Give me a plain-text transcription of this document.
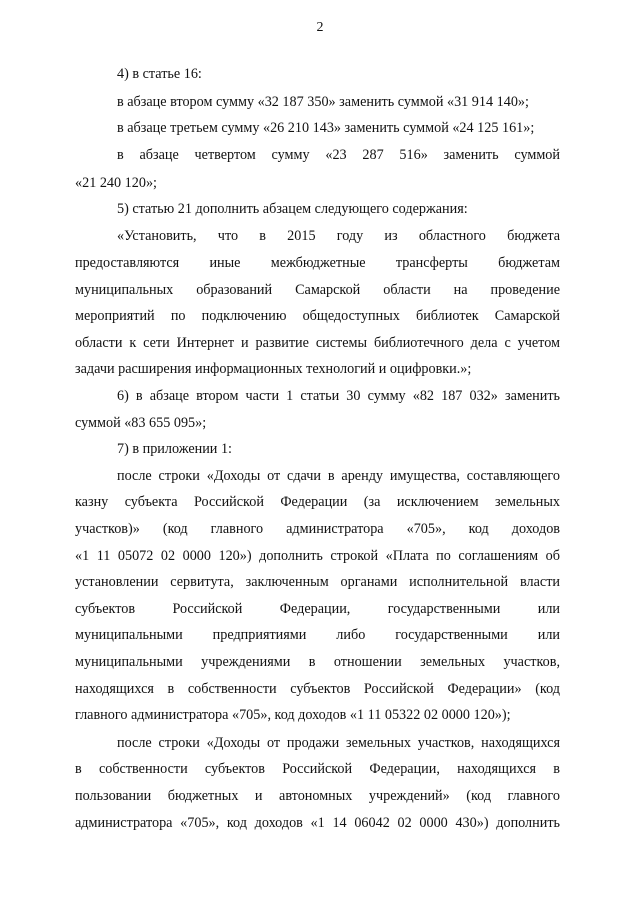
2
4) в статье 16:
в абзаце втором сумму «32 187 350» заменить суммой «31 914 140»;
в абзаце третьем сумму «26 210 143» заменить суммой «24 125 161»;
в абзаце четвертом сумму «23 287 516» заменить суммой
«21 240 120»;
5) статью 21 дополнить абзацем следующего содержания:
«Установить, что в 2015 году из областного бюджета
предоставляются иные межбюджетные трансферты бюджетам
муниципальных образований Самарской области на проведение
мероприятий по подключению общедоступных библиотек Самарской
области к сети Интернет и развитие системы библиотечного дела с учетом
задачи расширения информационных технологий и оцифровки.»;
6) в абзаце втором части 1 статьи 30 сумму «82 187 032» заменить
суммой «83 655 095»;
7) в приложении 1:
после строки «Доходы от сдачи в аренду имущества, составляющего
казну субъекта Российской Федерации (за исключением земельных
участков)» (код главного администратора «705», код доходов
«1 11 05072 02 0000 120») дополнить строкой «Плата по соглашениям об
установлении сервитута, заключенным органами исполнительной власти
субъектов Российской Федерации, государственными или
муниципальными предприятиями либо государственными или
муниципальными учреждениями в отношении земельных участков,
находящихся в собственности субъектов Российской Федерации» (код
главного администратора «705», код доходов «1 11 05322 02 0000 120»);
после строки «Доходы от продажи земельных участков, находящихся
в собственности субъектов Российской Федерации, находящихся в
пользовании бюджетных и автономных учреждений» (код главного
администратора «705», код доходов «1 14 06042 02 0000 430») дополнить
